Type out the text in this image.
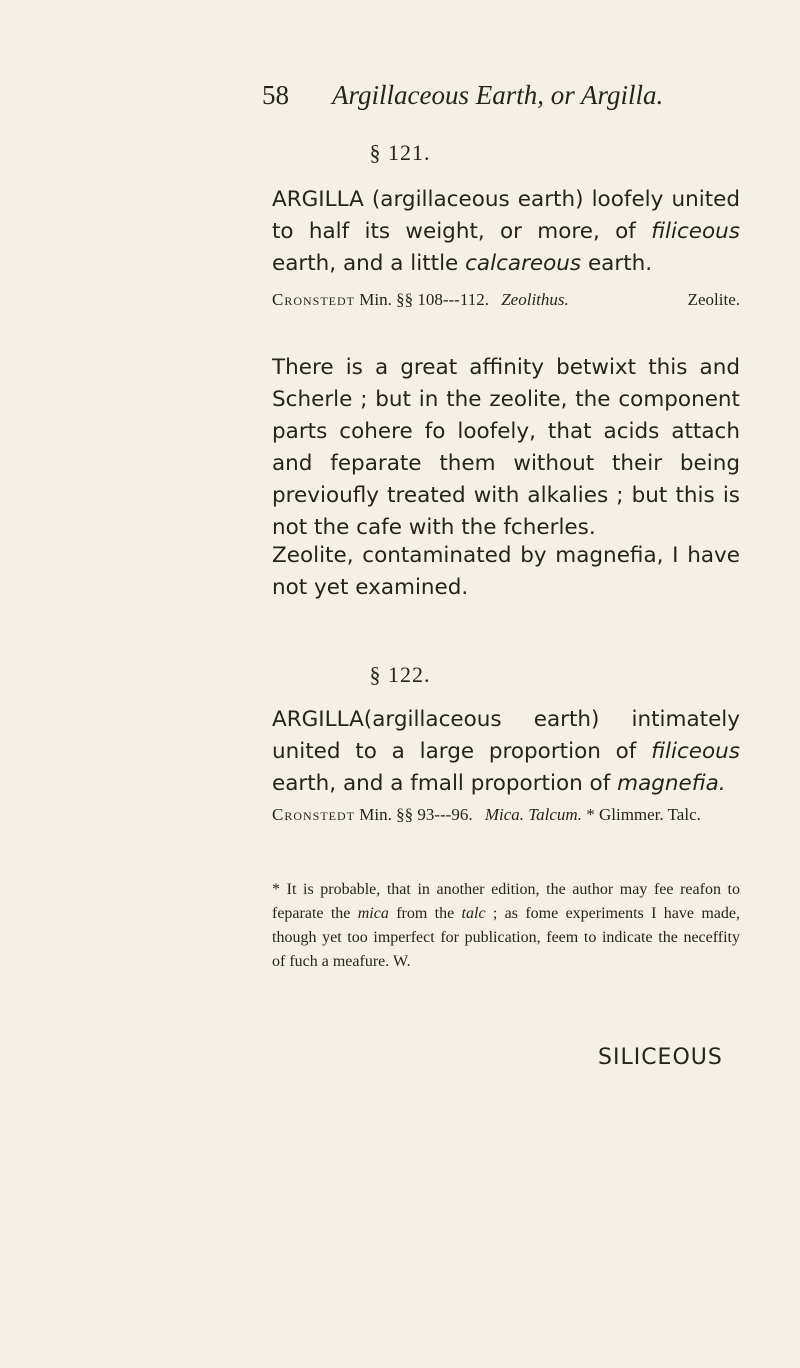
58 Argillaceous Earth, or Argilla.
§ 121.
ARGILLA (argillaceous earth) loofely united to half its weight, or more, of filiceous earth, and a little calcareous earth.
Cronstedt Min. §§ 108---112. Zeolithus.	Zeolite.
There is a great affinity betwixt this and Scherle ; but in the zeolite, the component parts cohere fo loofely, that acids attach and feparate them without their being previoufly treated with alkalies ; but this is not the cafe with the fcherles.
Zeolite, contaminated by magnefia, I have not yet examined.
§ 122.
ARGILLA(argillaceous earth) intimately united to a large proportion of filiceous earth, and a fmall proportion of magnefia.
Cronstedt Min. §§ 93---96. Mica. Talcum. * Glimmer. Talc.
* It is probable, that in another edition, the author may fee reafon to feparate the mica from the talc ; as fome experiments I have made, though yet too imperfect for publication, feem to indicate the neceffity of fuch a meafure. W.
SILICEOUS
